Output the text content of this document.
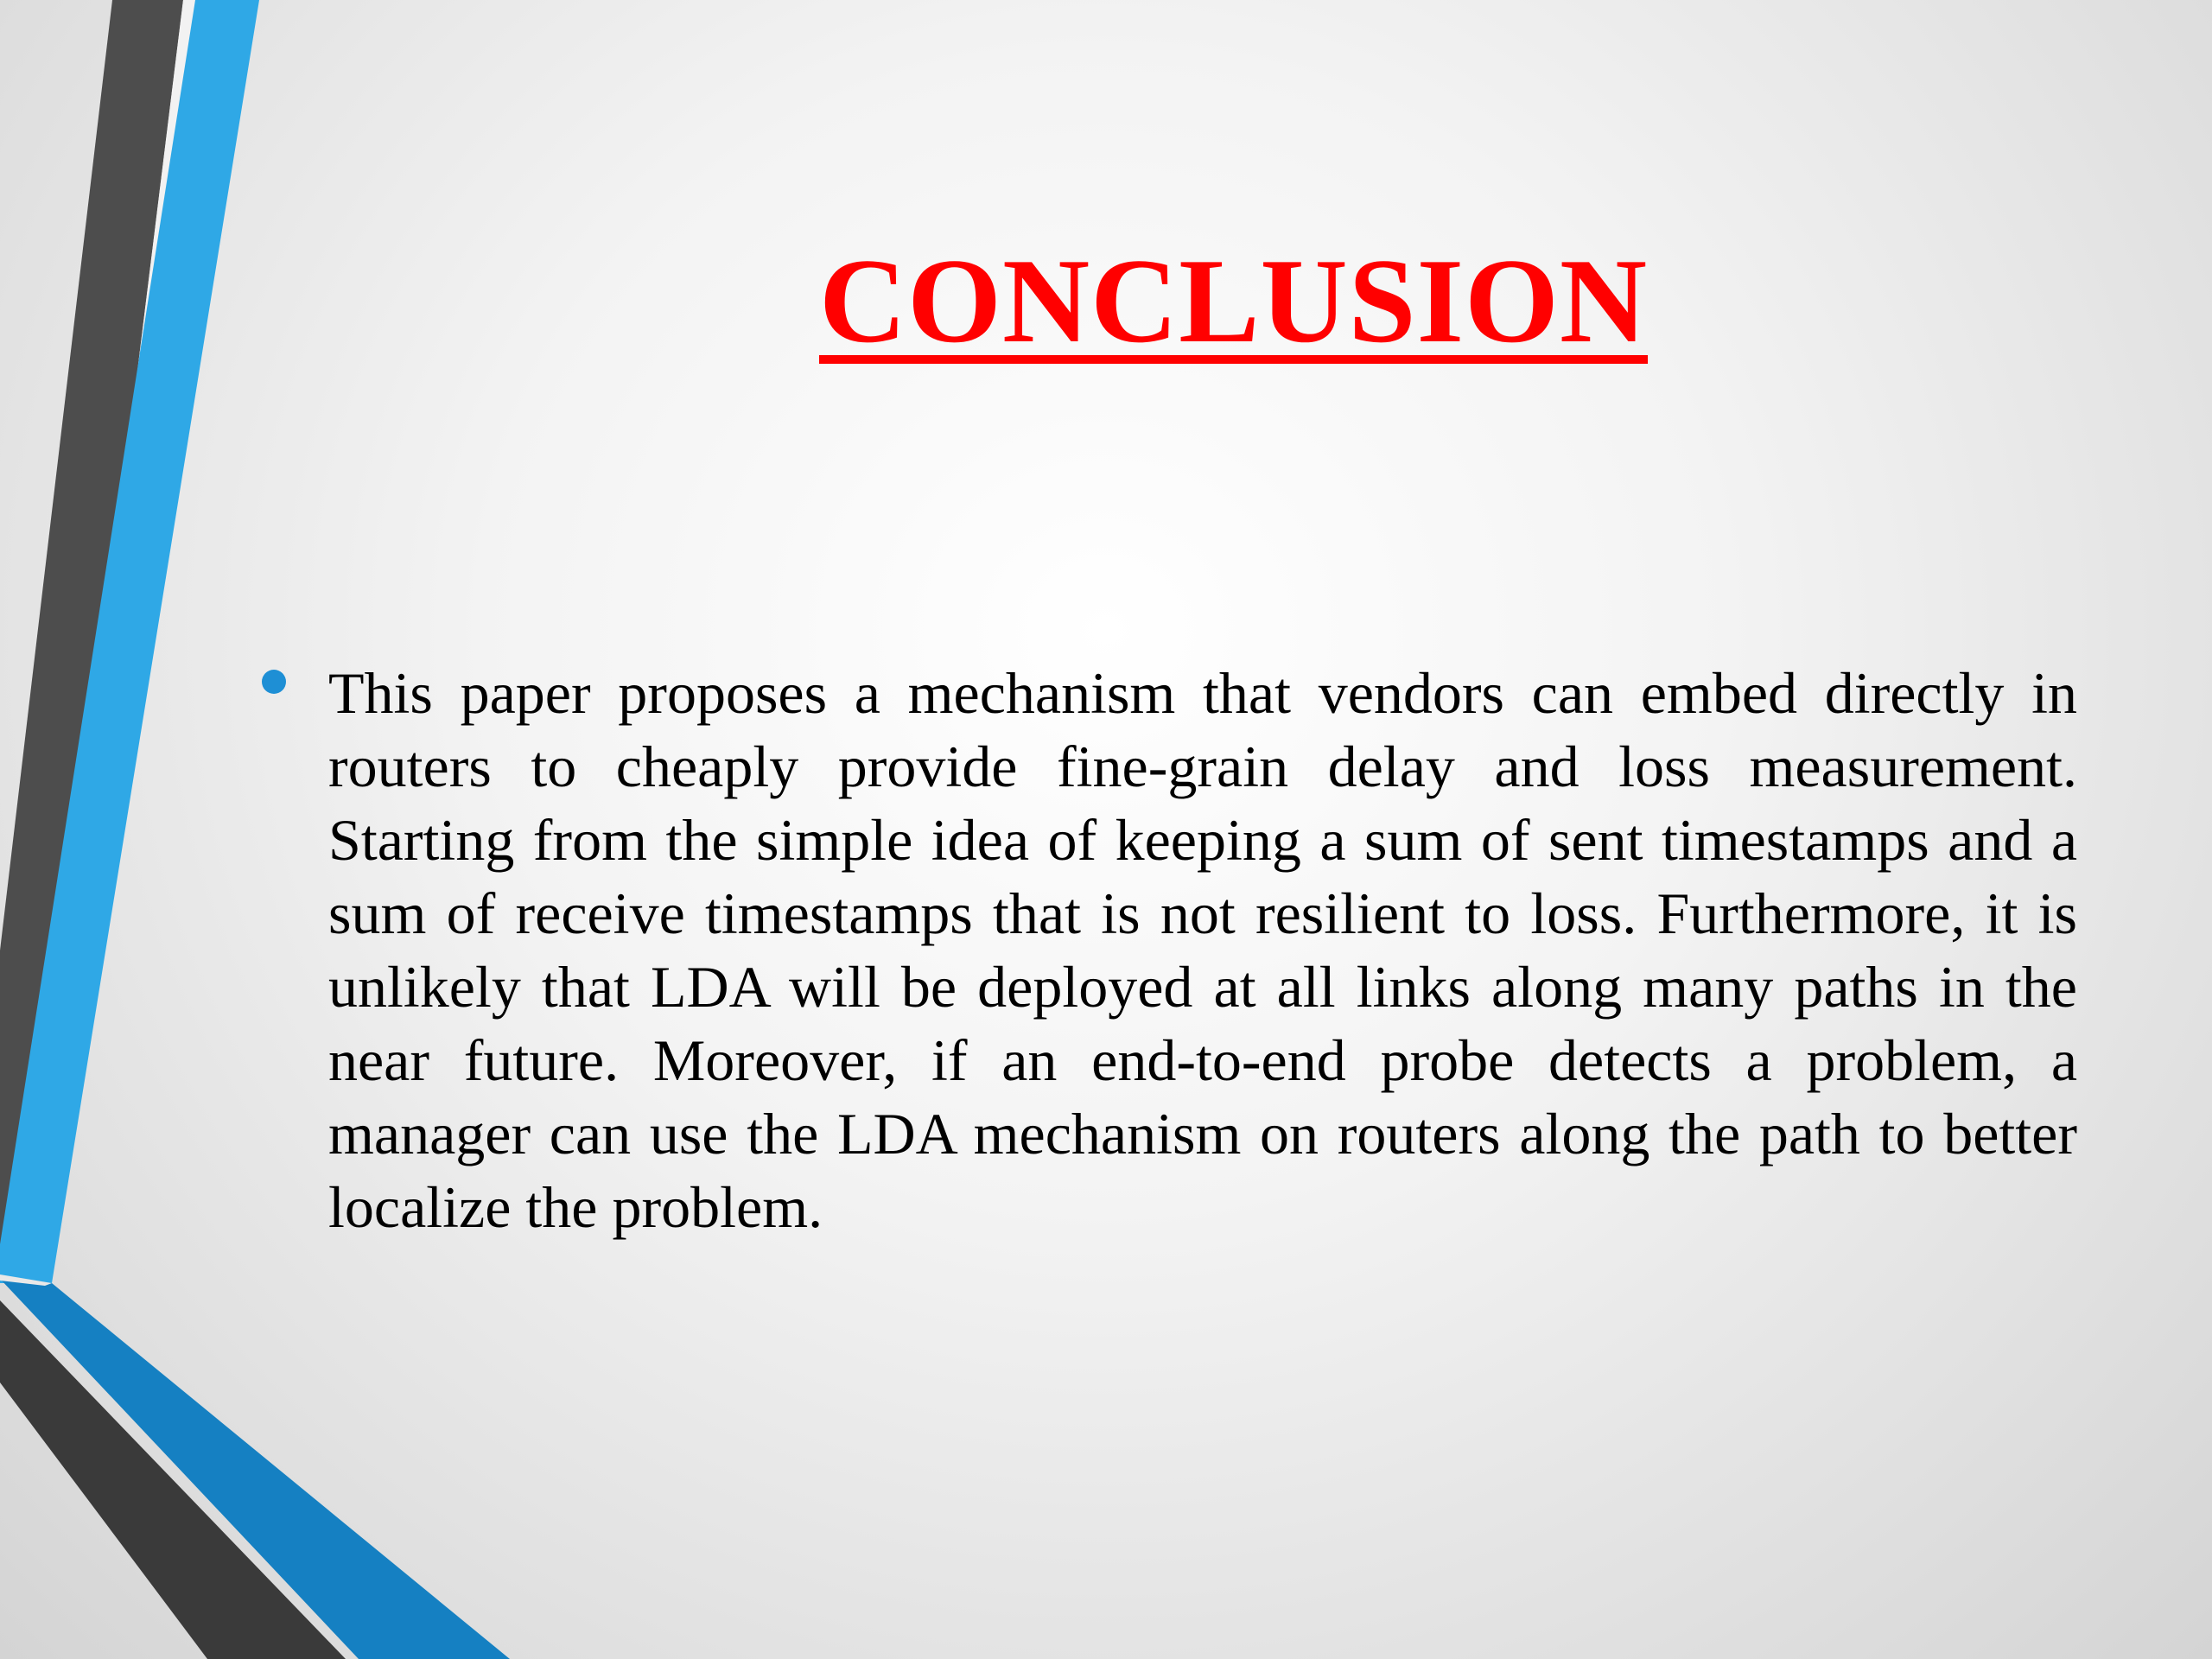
CONCLUSION

This paper proposes a mechanism that vendors can embed directly in routers to cheaply provide fine-grain delay and loss measurement. Starting from the simple idea of keeping a sum of sent timestamps and a sum of receive timestamps that is not resilient to loss. Furthermore, it is unlikely that LDA will be deployed at all links along many paths in the near future. Moreover, if an end-to-end probe detects a problem, a manager can use the LDA mechanism on routers along the path to better localize the problem.
